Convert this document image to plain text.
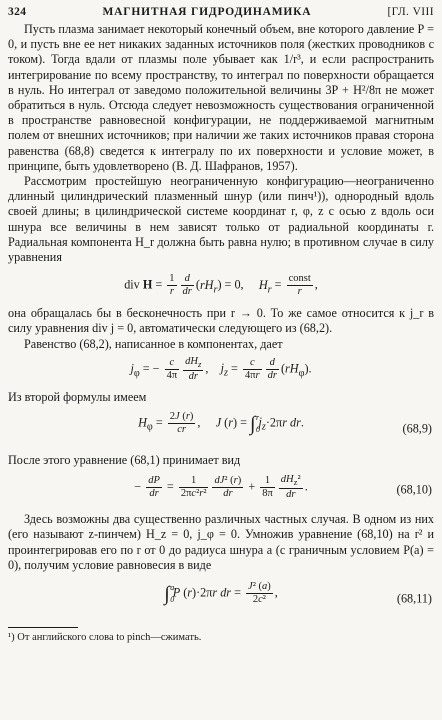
324	МАГНИТНАЯ ГИДРОДИНАМИКА	[ГЛ. VIII

Пусть плазма занимает некоторый конечный объем, вне которого давление P = 0, и пусть вне ее нет никаких заданных источников поля (жестких проводников с током). Тогда вдали от плазмы поле убывает как 1/r³, и если распространить интегрирование по всему пространству, то интеграл по поверхности обращается в нуль. Но интеграл от заведомо положительной величины 3P + H²/8π не может обратиться в нуль. Отсюда следует невозможность существования ограниченной в пространстве равновесной конфигурации, не поддерживаемой магнитным полем от внешних источников; при наличии же таких источников правая сторона равенства (68,8) сведется к интегралу по их поверхности и условие может, в принципе, быть удовлетворено (В. Д. Шафранов, 1957).

Рассмотрим простейшую неограниченную конфигурацию—неограниченно длинный цилиндрический плазменный шнур (или пинч¹)), однородный вдоль своей длины; в цилиндрической системе координат r, φ, z с осью z вдоль оси шнура все величины в нем зависят только от радиальной координаты r. Радиальная компонента H_r должна быть равна нулю; в противном случае в силу уравнения

div $H = \frac{1}{r} \frac{d}{dr} (rH_r) = 0$,     $H_r = \frac{\text{const}}{r}$ ,

она обращалась бы в бесконечность при r → 0. То же самое относится к j_r в силу уравнения div j = 0, автоматически следующего из (68,2).

Равенство (68,2), написанное в компонентах, дает

$j_\varphi$ = − $\frac{c}{4\pi} \frac{dH_z}{dr}$ ,    $j_z = \frac{c}{4\pi r} \frac{d}{dr} (rH_\varphi)$.

Из второй формулы имеем

$H_\varphi = \frac{2J (r)}{cr}$ ,     J (r) = ∫ r
0
$j_z\cdot 2\pi r$ dr.	(68,9)

После этого уравнение (68,1) принимает вид

− $\frac{dP}{dr} = \frac{1}{\text{2πc²r²}} \frac{\text{dJ² (r)}}{dr} + \frac{1}{8\pi} \frac{dH_z^2}{dr}$ .	(68,10)

Здесь возможны два существенно различных частных случая. В одном из них (его называют z-пинчем) H_z = 0, j_φ = 0. Умножив уравнение (68,10) на r² и проинтегрировав его по r от 0 до радиуса шнура a (с граничным условием P(a) = 0), получим условие равновесия в виде

∫ a
0
P (r)·2πr dr = $\frac{\text{J² (a)}}{\text{2c²}}$ ,	(68,11)
¹) От английского слова to pinch—сжимать.
